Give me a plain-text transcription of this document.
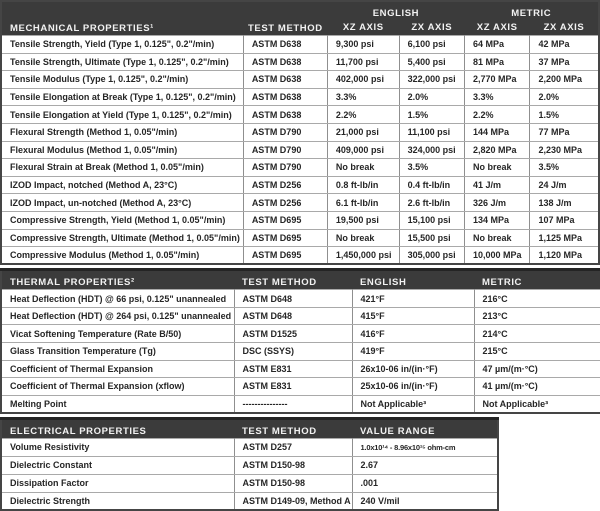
MECHANICAL PROPERTIES¹	TEST METHOD	ENGLISH		METRIC	
		XZ AXIS	ZX AXIS	XZ AXIS	ZX AXIS
Tensile Strength, Yield (Type 1, 0.125", 0.2"/min)	ASTM D638	9,300 psi	6,100 psi	64 MPa	42 MPa
Tensile Strength, Ultimate (Type 1, 0.125", 0.2"/min)	ASTM D638	11,700 psi	5,400 psi	81 MPa	37 MPa
Tensile Modulus (Type 1, 0.125", 0.2"/min)	ASTM D638	402,000 psi	322,000 psi	2,770 MPa	2,200 MPa
Tensile Elongation at Break (Type 1, 0.125", 0.2"/min)	ASTM D638	3.3%	2.0%	3.3%	2.0%
Tensile Elongation at Yield (Type 1, 0.125", 0.2"/min)	ASTM D638	2.2%	1.5%	2.2%	1.5%
Flexural Strength (Method 1, 0.05"/min)	ASTM D790	21,000 psi	11,100 psi	144 MPa	77 MPa
Flexural Modulus (Method 1, 0.05"/min)	ASTM D790	409,000 psi	324,000 psi	2,820 MPa	2,230 MPa
Flexural Strain at Break (Method 1, 0.05"/min)	ASTM D790	No break	3.5%	No break	3.5%
IZOD Impact, notched (Method A, 23°C)	ASTM D256	0.8 ft-lb/in	0.4 ft-lb/in	41 J/m	24 J/m
IZOD Impact, un-notched (Method A, 23°C)	ASTM D256	6.1 ft-lb/in	2.6 ft-lb/in	326 J/m	138 J/m
Compressive Strength, Yield (Method 1, 0.05"/min)	ASTM D695	19,500 psi	15,100 psi	134 MPa	107 MPa
Compressive Strength, Ultimate (Method 1, 0.05"/min)	ASTM D695	No break	15,500 psi	No break	1,125 MPa
Compressive Modulus (Method 1, 0.05"/min)	ASTM D695	1,450,000 psi	305,000 psi	10,000 MPa	1,120 MPa
THERMAL PROPERTIES²	TEST METHOD	ENGLISH	METRIC
Heat Deflection (HDT) @ 66 psi, 0.125" unannealed	ASTM D648	421°F	216°C
Heat Deflection (HDT) @ 264 psi, 0.125" unannealed	ASTM D648	415°F	213°C
Vicat Softening Temperature (Rate B/50)	ASTM D1525	416°F	214°C
Glass Transition Temperature (Tg)	DSC (SSYS)	419°F	215°C
Coefficient of Thermal Expansion	ASTM E831	26x10-06 in/(in·°F)	47 µm/(m·°C)
Coefficient of Thermal Expansion (xflow)	ASTM E831	25x10-06 in/(in·°F)	41 µm/(m·°C)
Melting Point	---------------	Not Applicable³	Not Applicable³
ELECTRICAL PROPERTIES	TEST METHOD	VALUE RANGE
Volume Resistivity	ASTM D257	1.0x10¹⁴ - 8.96x10¹⁵ ohm-cm
Dielectric Constant	ASTM D150-98	2.67
Dissipation Factor	ASTM D150-98	.001
Dielectric Strength	ASTM D149-09, Method A	240 V/mil
